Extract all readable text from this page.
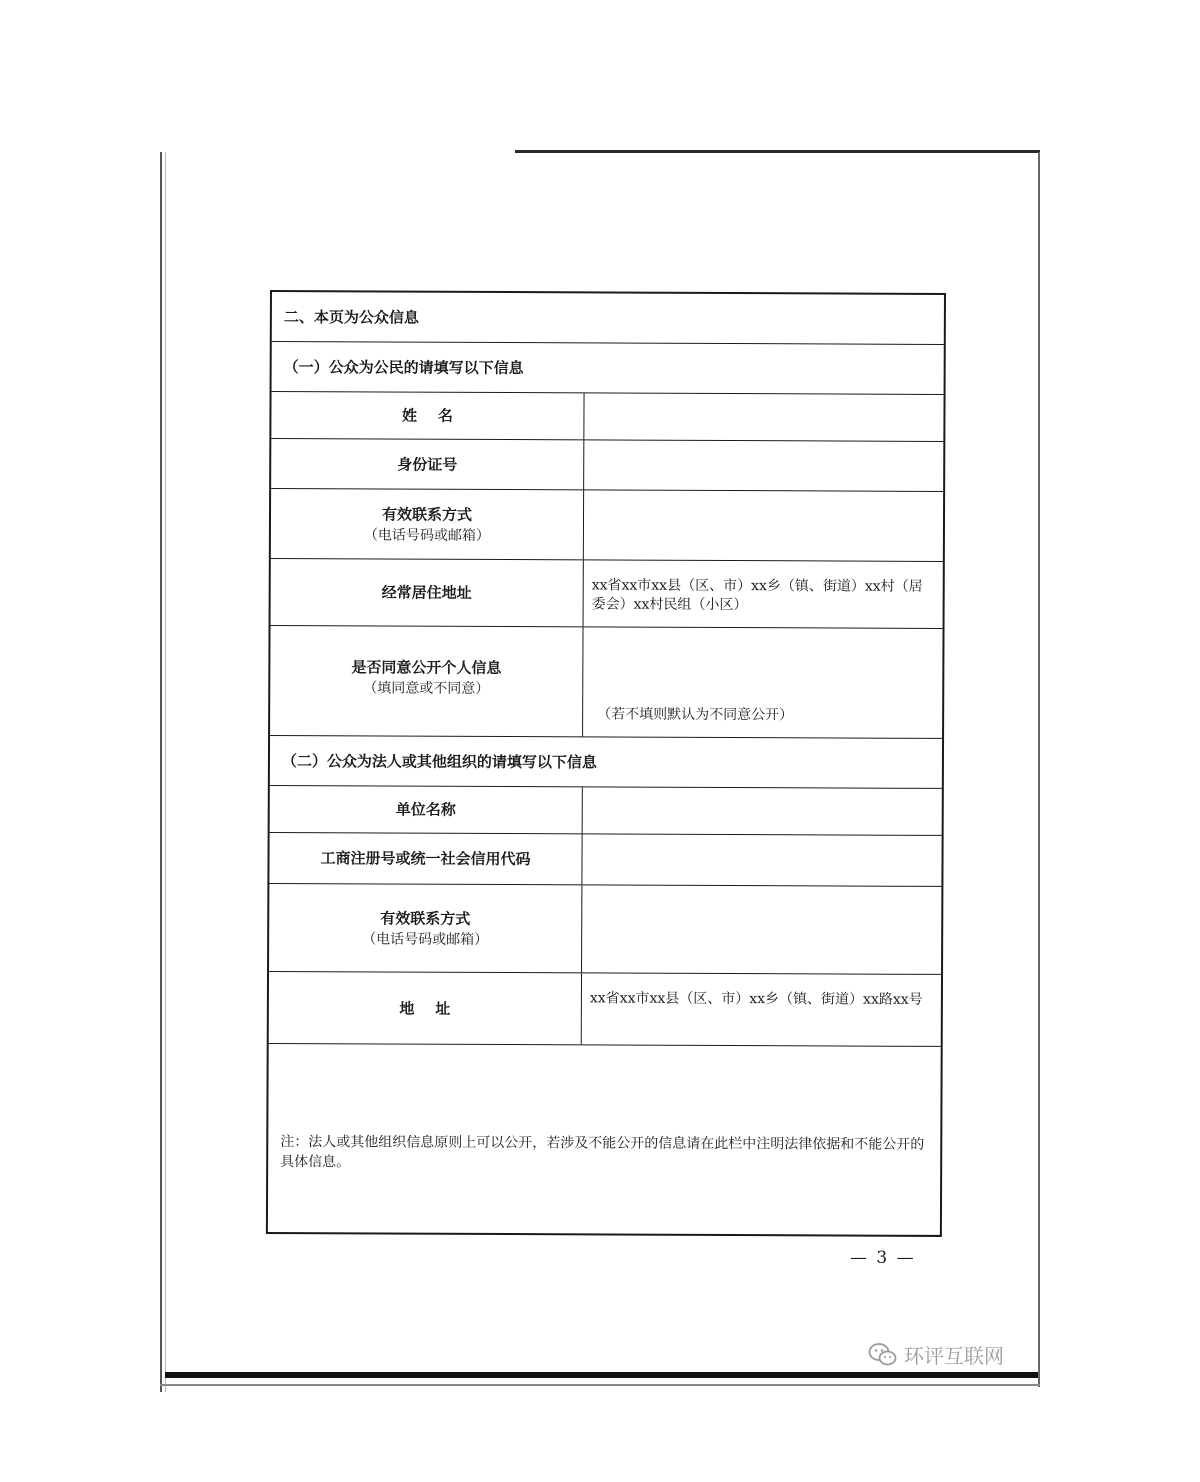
二、本页为公众信息
（一）公众为公民的请填写以下信息
姓    名
身份证号
有效联系方式
（电话号码或邮箱）
经常居住地址	xx省xx市xx县（区、市）xx乡（镇、街道）xx村（居委会）xx村民组（小区）
是否同意公开个人信息
（填同意或不同意）
（若不填则默认为不同意公开）
（二）公众为法人或其他组织的请填写以下信息
单位名称
工商注册号或统一社会信用代码
有效联系方式
（电话号码或邮箱）
地    址	xx省xx市xx县（区、市）xx乡（镇、街道）xx路xx号
注：法人或其他组织信息原则上可以公开，若涉及不能公开的信息请在此栏中注明法律依据和不能公开的具体信息。
— 3 —
环评互联网
